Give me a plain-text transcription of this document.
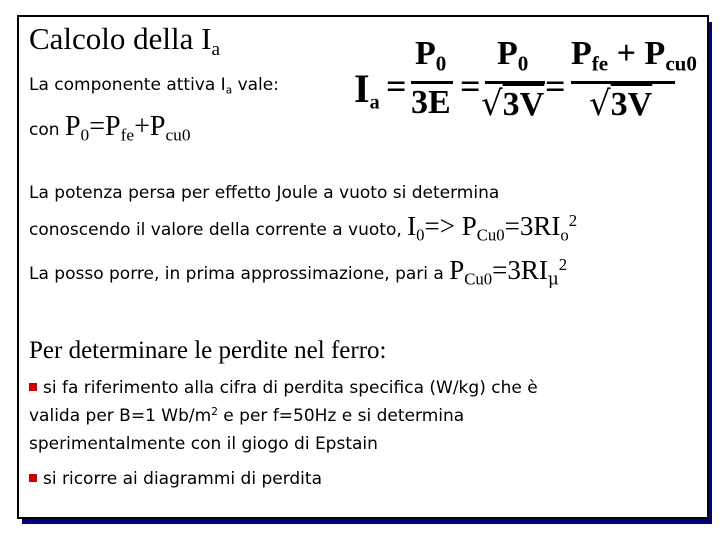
Calcolo della $I_a$
La componente attiva $I_a$ vale: $I_a$ =
$P_0$
3E =
$P_0$
√3V =
$P_{fe} + P_{cu0}$
√3V
con $P_0=P_{fe}+P_{cu0}$
La potenza persa per effetto Joule a vuoto si determina
conoscendo il valore della corrente a vuoto, $I_0=> P_{Cu0}=3RI_o^2$
La posso porre, in prima approssimazione, pari a $P_{Cu0}=3RI_\mu^2$
Per determinare le perdite nel ferro:
si fa riferimento alla cifra di perdita specifica (W/kg) che è
valida per B=1 $Wb/m^2$ e per f=50Hz e si determina
sperimentalmente con il giogo di Epstain
si ricorre ai diagrammi di perdita
